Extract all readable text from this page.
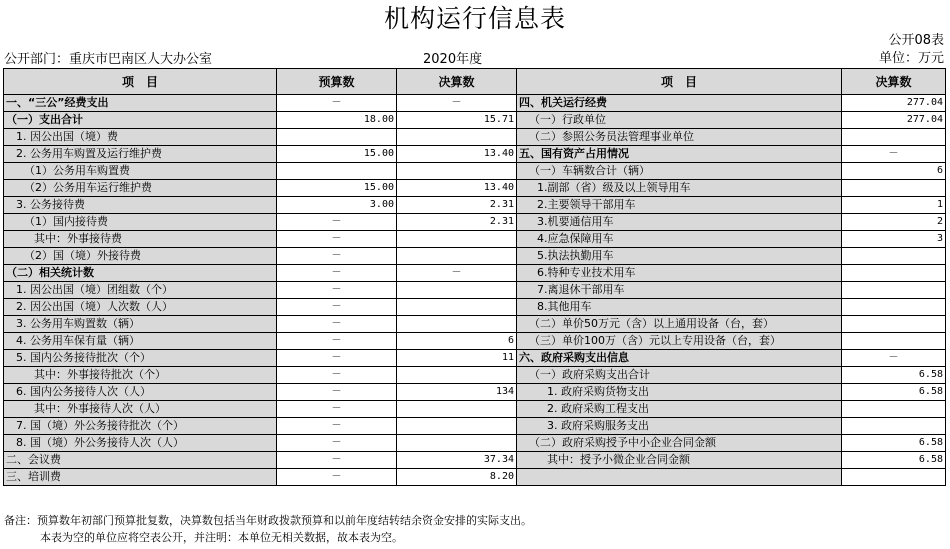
机构运行信息表
公开08表
公开部门：重庆市巴南区人大办公室	2020年度	单位：万元
项　目	预算数	决算数	项　目	决算数
一、“三公”经费支出	－	－	四、机关运行经费	277.04
（一）支出合计	18.00	15.71	（一）行政单位	277.04
1. 因公出国（境）费			（二）参照公务员法管理事业单位	
2. 公务用车购置及运行维护费	15.00	13.40	五、国有资产占用情况	－
（1）公务用车购置费			（一）车辆数合计（辆）	6
（2）公务用车运行维护费	15.00	13.40	1.副部（省）级及以上领导用车	
3. 公务接待费	3.00	2.31	2.主要领导干部用车	1
（1）国内接待费	－	2.31	3.机要通信用车	2
其中：外事接待费	－		4.应急保障用车	3
（2）国（境）外接待费	－		5.执法执勤用车	
（二）相关统计数	－	－	6.特种专业技术用车	
1. 因公出国（境）团组数（个）	－		7.离退休干部用车	
2. 因公出国（境）人次数（人）	－		8.其他用车	
3. 公务用车购置数（辆）	－		（二）单价50万元（含）以上通用设备（台，套）	
4. 公务用车保有量（辆）	－	6	（三）单价100万（含）元以上专用设备（台，套）	
5. 国内公务接待批次（个）	－	11	六、政府采购支出信息	－
其中：外事接待批次（个）	－		（一）政府采购支出合计	6.58
6. 国内公务接待人次（人）	－	134	1. 政府采购货物支出	6.58
其中：外事接待人次（人）	－		2. 政府采购工程支出	
7. 国（境）外公务接待批次（个）	－		3. 政府采购服务支出	
8. 国（境）外公务接待人次（人）	－		（二）政府采购授予中小企业合同金额	6.58
二、会议费	－	37.34	其中：授予小微企业合同金额	6.58
三、培训费	－	8.20		
备注：预算数年初部门预算批复数，决算数包括当年财政拨款预算和以前年度结转结余资金安排的实际支出。
本表为空的单位应将空表公开，并注明：本单位无相关数据，故本表为空。
